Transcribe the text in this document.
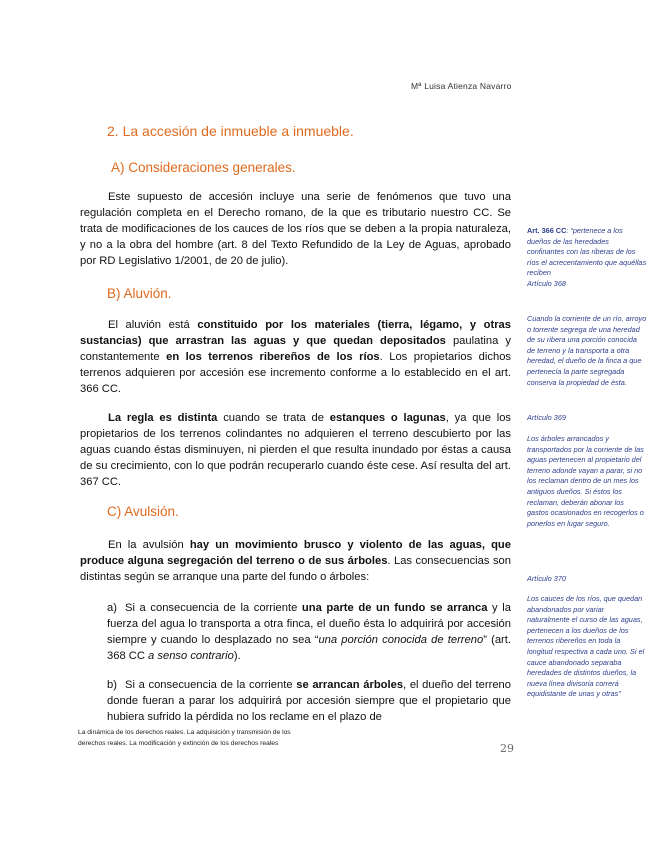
Mª Luisa Atienza Navarro
2. La accesión de inmueble a inmueble.
A) Consideraciones generales.

Este supuesto de accesión incluye una serie de fenómenos que tuvo una regulación completa en el Derecho romano, de la que es tributario nuestro CC. Se trata de modificaciones de los cauces de los ríos que se deben a la propia naturaleza, y no a la obra del hombre (art. 8 del Texto Refundido de la Ley de Aguas, aprobado por RD Legislativo 1/2001, de 20 de julio).

B) Aluvión.

El aluvión está constituido por los materiales (tierra, légamo, y otras sustancias) que arrastran las aguas y que quedan depositados paulatina y constantemente en los terrenos ribereños de los ríos. Los propietarios dichos terrenos adquieren por accesión ese incremento conforme a lo establecido en el art. 366 CC.

La regla es distinta cuando se trata de estanques o lagunas, ya que los propietarios de los terrenos colindantes no adquieren el terreno descubierto por las aguas cuando éstas disminuyen, ni pierden el que resulta inundado por éstas a causa de su crecimiento, con lo que podrán recuperarlo cuando éste cese. Así resulta del art. 367 CC.

C) Avulsión.

En la avulsión hay un movimiento brusco y violento de las aguas, que produce alguna segregación del terreno o de sus árboles. Las consecuencias son distintas según se arranque una parte del fundo o árboles:

a) Si a consecuencia de la corriente una parte de un fundo se arranca y la fuerza del agua lo transporta a otra finca, el dueño ésta lo adquirirá por accesión siempre y cuando lo desplazado no sea “una porción conocida de terreno” (art. 368 CC a senso contrario).

b) Si a consecuencia de la corriente se arrancan árboles, el dueño del terreno donde fueran a parar los adquirirá por accesión siempre que el propietario que hubiera sufrido la pérdida no los reclame en el plazo de

Art. 366 CC: “pertenece a los dueños de las heredades confinantes con las riberas de los ríos el acrecentamiento que aquéllas reciben
Artículo 368

Cuando la corriente de un río, arroyo o torrente segrega de una heredad de su ribera una porción conocida de terreno y la transporta a otra heredad, el dueño de la finca a que pertenecía la parte segregada conserva la propiedad de ésta.

Artículo 369

Los árboles arrancados y transportados por la corriente de las aguas pertenecen al propietario del terreno adonde vayan a parar, si no los reclaman dentro de un mes los antiguos dueños. Si éstos los reclaman, deberán abonar los gastos ocasionados en recogerlos o ponerlos en lugar seguro.

Artículo 370

Los cauces de los ríos, que quedan abandonados por variar naturalmente el curso de las aguas, pertenecen a los dueños de los terrenos ribereños en toda la longitud respectiva a cada uno. Si el cauce abandonado separaba heredades de distintos dueños, la nueva línea divisoria correrá equidistante de unas y otras”

La dinámica de los derechos reales. La adquisición y transmisión de los derechos reales. La modificación y extinción de los derechos reales	29
